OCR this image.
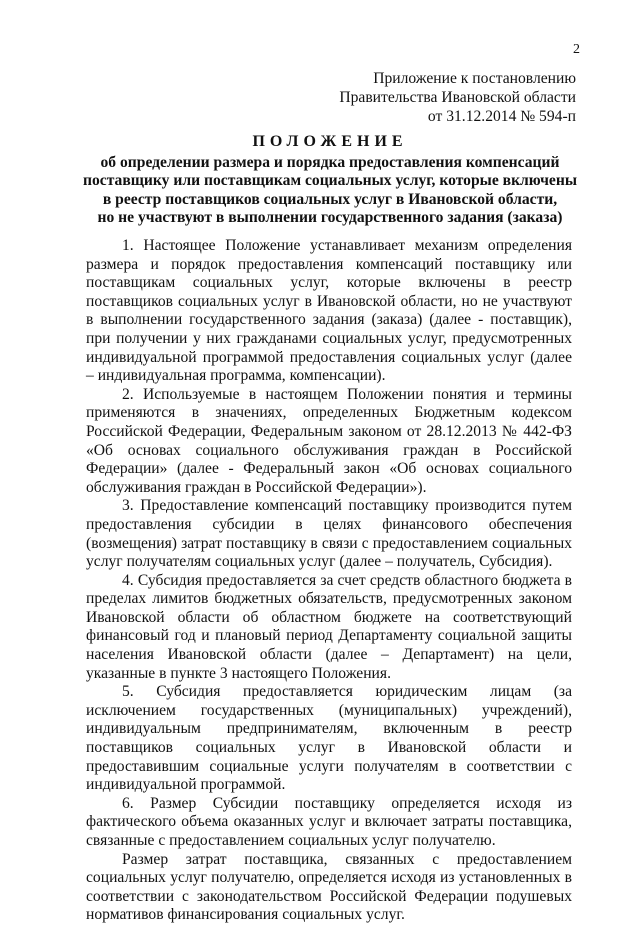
2
Приложение к постановлению
Правительства Ивановской области
от 31.12.2014 № 594-п
ПОЛОЖЕНИЕ
об определении размера и порядка предоставления компенсаций
поставщику или поставщикам социальных услуг, которые включены
в реестр поставщиков социальных услуг в Ивановской области,
но не участвуют в выполнении государственного задания (заказа)

1. Настоящее Положение устанавливает механизм определения размера и порядок предоставления компенсаций поставщику или поставщикам социальных услуг, которые включены в реестр поставщиков социальных услуг в Ивановской области, но не участвуют в выполнении государственного задания (заказа) (далее - поставщик), при получении у них гражданами социальных услуг, предусмотренных индивидуальной программой предоставления социальных услуг (далее – индивидуальная программа, компенсации).

2. Используемые в настоящем Положении понятия и термины применяются в значениях, определенных Бюджетным кодексом Российской Федерации, Федеральным законом от 28.12.2013 № 442-ФЗ «Об основах социального обслуживания граждан в Российской Федерации» (далее - Федеральный закон «Об основах социального обслуживания граждан в Российской Федерации»).

3. Предоставление компенсаций поставщику производится путем предоставления субсидии в целях финансового обеспечения (возмещения) затрат поставщику в связи с предоставлением социальных услуг получателям социальных услуг (далее – получатель, Субсидия).

4. Субсидия предоставляется за счет средств областного бюджета в пределах лимитов бюджетных обязательств, предусмотренных законом Ивановской области об областном бюджете на соответствующий финансовый год и плановый период Департаменту социальной защиты населения Ивановской области (далее – Департамент) на цели, указанные в пункте 3 настоящего Положения.

5. Субсидия предоставляется юридическим лицам (за исключением государственных (муниципальных) учреждений), индивидуальным предпринимателям, включенным в реестр поставщиков социальных услуг в Ивановской области и предоставившим социальные услуги получателям в соответствии с индивидуальной программой.

6. Размер Субсидии поставщику определяется исходя из фактического объема оказанных услуг и включает затраты поставщика, связанные с предоставлением социальных услуг получателю.

Размер затрат поставщика, связанных с предоставлением социальных услуг получателю, определяется исходя из установленных в соответствии с законодательством Российской Федерации подушевых нормативов финансирования социальных услуг.
